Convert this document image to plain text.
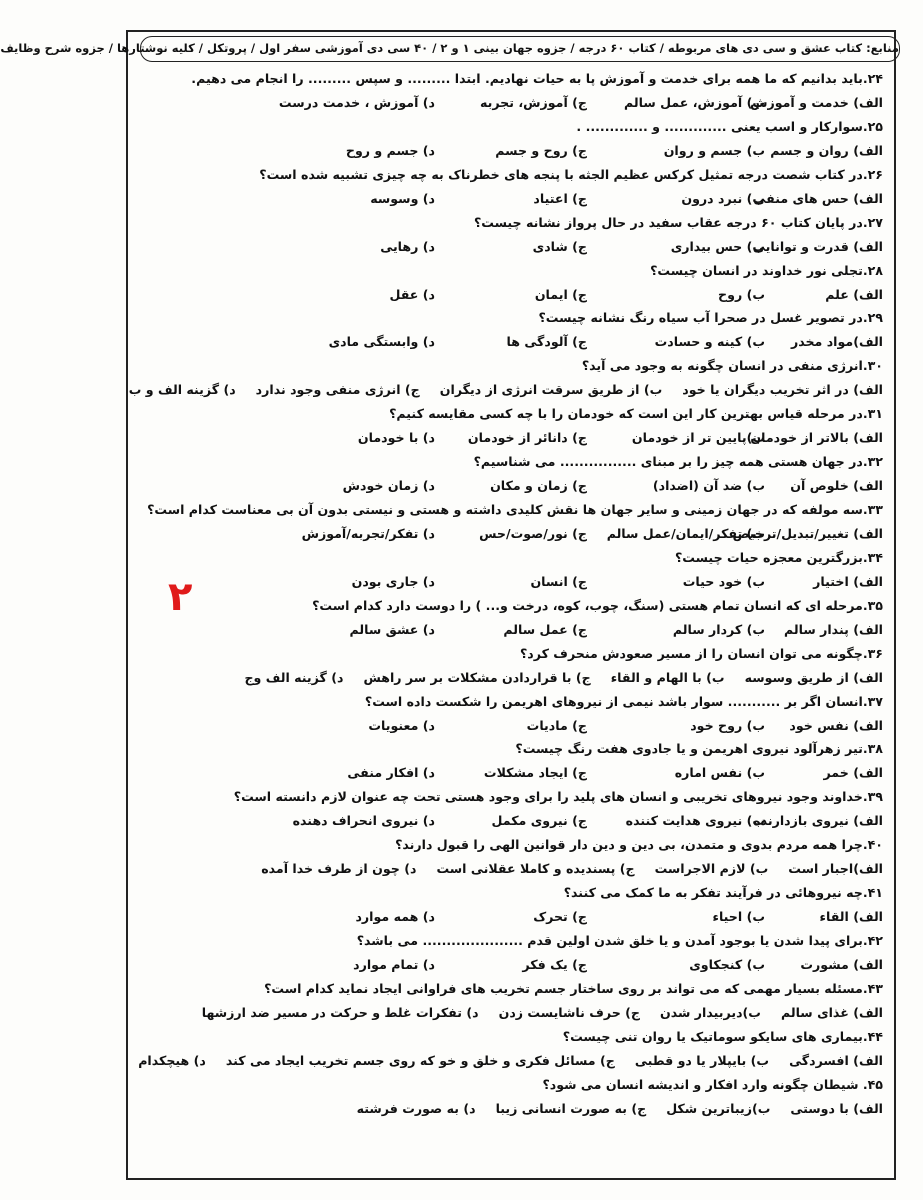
منابع: کتاب عشق و سی دی های مربوطه / کتاب ۶۰ درجه / جزوه جهان بینی ۱ و ۲ / ۴۰ سی دی آموزشی سفر اول / پروتکل / کلیه نوشتارها / جزوه شرح وظایف
۲
۲۴.باید بدانیم که ما همه برای خدمت و آموزش پا به حیات نهادیم. ابتدا ......... و سپس ......... را انجام می دهیم.
الف) خدمت و آموزشب) آموزش، عمل سالمج) آموزش، تجربهد) آموزش ، خدمت درست
۲۵.سوارکار و اسب یعنی ............. و ............. .
الف) روان و جسمب) جسم و روانج) روح و جسمد) جسم و روح
۲۶.در کتاب شصت درجه تمثیل کرکس عظیم الجثه با پنجه های خطرناک به چه چیزی تشبیه شده است؟
الف) حس های منفیب) نبرد درونج) اعتیادد) وسوسه
۲۷.در پایان کتاب ۶۰ درجه عقاب سفید در حال پرواز نشانه چیست؟
الف) قدرت و تواناییب) حس بیداریج) شادید) رهایی
۲۸.تجلی نور خداوند در انسان چیست؟
الف) علمب) روحج) ایماند) عقل
۲۹.در تصویر غسل در صحرا آب سیاه رنگ نشانه چیست؟
الف)مواد مخدرب) کینه و حسادتج) آلودگی هاد) وابستگی مادی
۳۰.انرژی منفی در انسان چگونه به وجود می آید؟
الف) در اثر تخریب دیگران یا خودب) از طریق سرقت انرژی از دیگرانج) انرژی منفی وجود نداردد) گزینه الف و ب
۳۱.در مرحله قیاس بهترین کار این است که خودمان را با چه کسی مقایسه کنیم؟
الف) بالاتر از خودمانب)پایین تر از خودمانج) دانائر از خودماند) با خودمان
۳۲.در جهان هستی همه چیز را بر مبنای ................ می شناسیم؟
الف) خلوص آنب) ضد آن (اضداد)ج) زمان و مکاند) زمان خودش
۳۳.سه مولفه که در جهان زمینی و سایر جهان ها نقش کلیدی داشته و هستی و نیستی بدون آن بی معناست کدام است؟
الف) تغییر/تبدیل/ترخیصب) تفکر/ایمان/عمل سالمج) نور/صوت/حسد) تفکر/تجربه/آموزش
۳۴.بزرگترین معجزه حیات چیست؟
الف) اختیارب) خود حیاتج) انساند) جاری بودن
۳۵.مرحله ای که انسان تمام هستی (سنگ، چوب، کوه، درخت و... ) را دوست دارد کدام است؟
الف) پندار سالمب) کردار سالمج) عمل سالمد) عشق سالم
۳۶.چگونه می توان انسان را از مسیر صعودش منحرف کرد؟
الف) از طریق وسوسهب) با الهام و القاءج) با قراردادن مشکلات بر سر راهشد) گزینه الف وج
۳۷.انسان اگر بر ........... سوار باشد نیمی از نیروهای اهریمن را شکست داده است؟
الف) نفس خودب) روح خودج) مادياتد) معنویات
۳۸.تیر زهرآلود نیروی اهریمن و یا جادوی هفت رنگ چیست؟
الف) خمرب) نفس امارهج) ایجاد مشکلاتد) افکار منفی
۳۹.خداوند وجود نیروهای تخریبی و انسان های پلید را برای وجود هستی تحت چه عنوان لازم دانسته است؟
الف) نیروی بازدارندهب) نیروی هدایت کنندهج) نیروی مکملد) نیروی انحراف دهنده
۴۰.چرا همه مردم بدوی و متمدن، بی دین و دین دار قوانین الهی را قبول دارند؟
الف)اجبار استب) لازم الاجراستج) پسندیده و کاملا عقلانی استد) چون از طرف خدا آمده
۴۱.چه نیروهائی در فرآیند تفکر به ما کمک می کنند؟
الف) القاءب) احیاءج) تحرکد) همه موارد
۴۲.برای پیدا شدن یا بوجود آمدن و یا خلق شدن اولین قدم ..................... می باشد؟
الف) مشورتب) کنجکاویج) یک فکرد) تمام موارد
۴۳.مسئله بسیار مهمی که می تواند بر روی ساختار جسم تخریب های فراوانی ایجاد نماید کدام است؟
الف) غذای سالمب)دیربیدار شدنج) حرف ناشایست زدند) تفکرات غلط و حرکت در مسیر ضد ارزشها
۴۴.بیماری های سایکو سوماتیک یا روان تنی چیست؟
الف) افسردگیب) بایپلار یا دو قطبیج) مسائل فکری و خلق و خو که روی جسم تخریب ایجاد می کندد) هیچکدام
۴۵. شیطان چگونه وارد افکار و اندیشه انسان می شود؟
الف) با دوستیب)زیباترین شکلج) به صورت انسانی زیباد) به صورت فرشته
